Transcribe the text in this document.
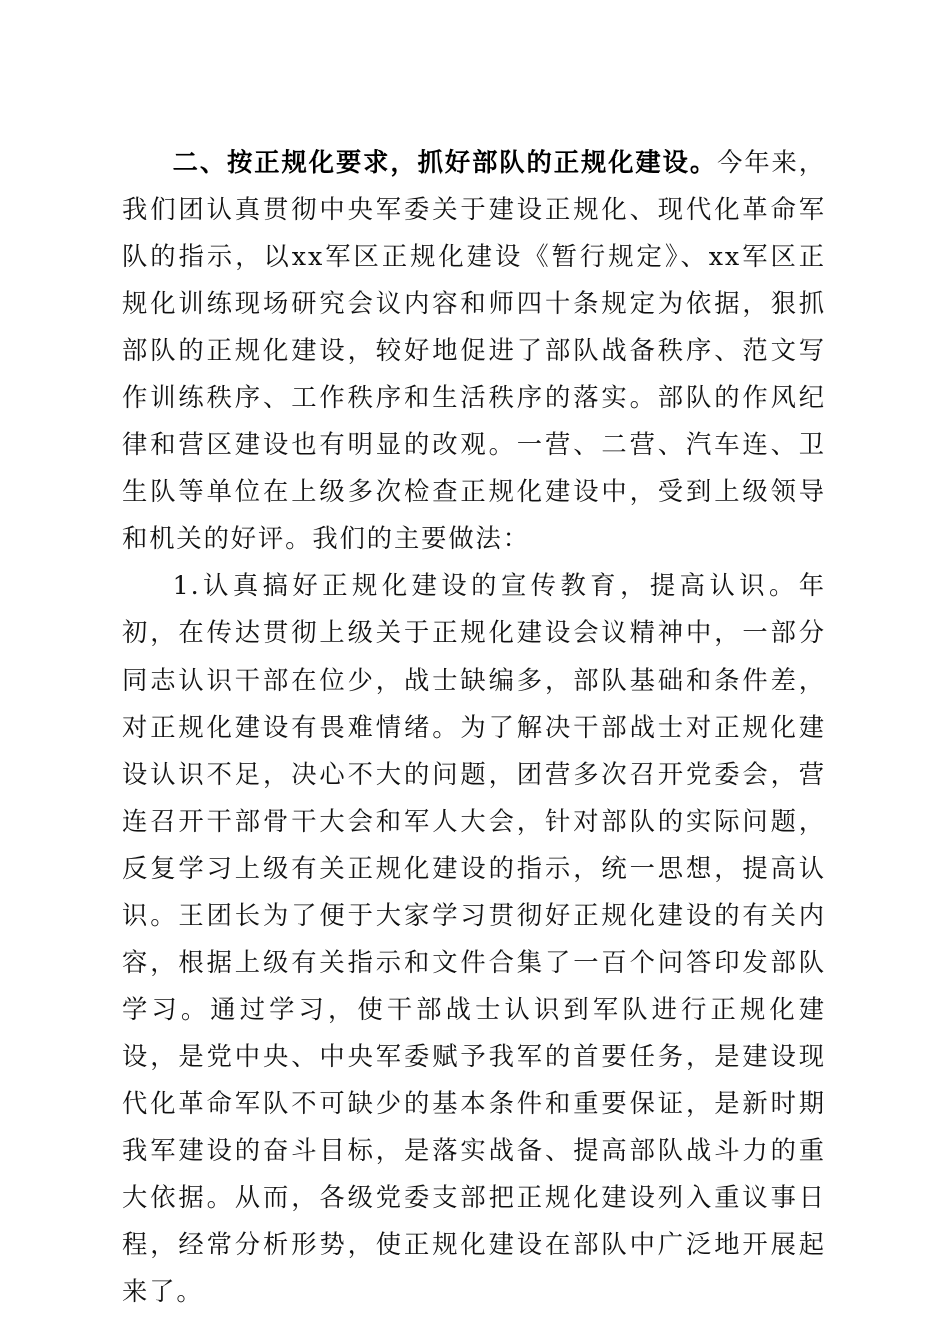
二、按正规化要求，抓好部队的正规化建设。今年来，我们团认真贯彻中央军委关于建设正规化、现代化革命军队的指示，以xx军区正规化建设《暂行规定》、xx军区正规化训练现场研究会议内容和师四十条规定为依据，狠抓部队的正规化建设，较好地促进了部队战备秩序、范文写作训练秩序、工作秩序和生活秩序的落实。部队的作风纪律和营区建设也有明显的改观。一营、二营、汽车连、卫生队等单位在上级多次检查正规化建设中，受到上级领导和机关的好评。我们的主要做法：

1.认真搞好正规化建设的宣传教育，提高认识。年初，在传达贯彻上级关于正规化建设会议精神中，一部分同志认识干部在位少，战士缺编多，部队基础和条件差，对正规化建设有畏难情绪。为了解决干部战士对正规化建设认识不足，决心不大的问题，团营多次召开党委会，营连召开干部骨干大会和军人大会，针对部队的实际问题，反复学习上级有关正规化建设的指示，统一思想，提高认识。王团长为了便于大家学习贯彻好正规化建设的有关内容，根据上级有关指示和文件合集了一百个问答印发部队学习。通过学习，使干部战士认识到军队进行正规化建设，是党中央、中央军委赋予我军的首要任务，是建设现代化革命军队不可缺少的基本条件和重要保证，是新时期我军建设的奋斗目标，是落实战备、提高部队战斗力的重大依据。从而，各级党委支部把正规化建设列入重议事日程，经常分析形势，使正规化建设在部队中广泛地开展起来了。
